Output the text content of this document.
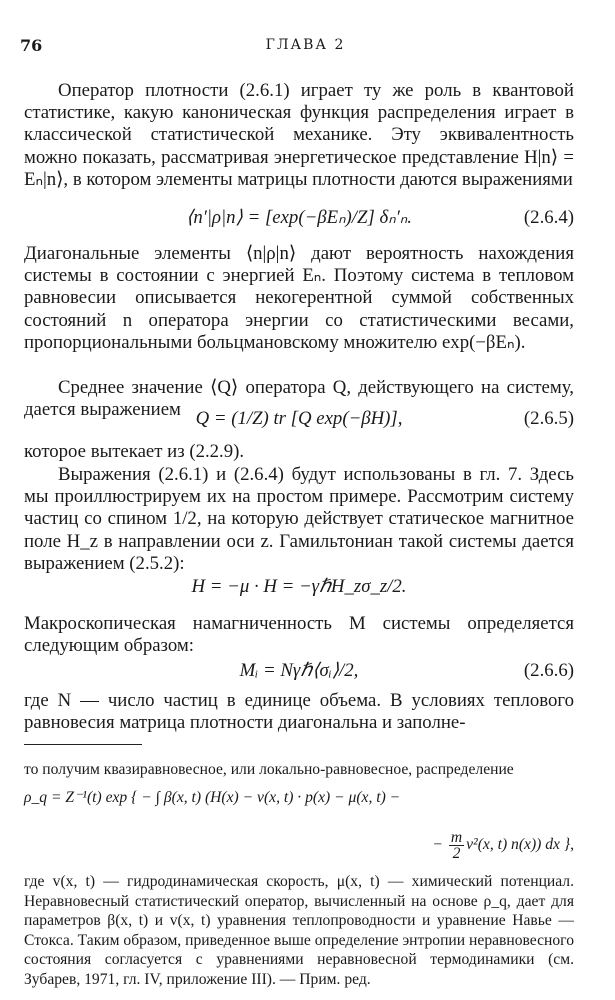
76	ГЛАВА 2

Оператор плотности (2.6.1) играет ту же роль в квантовой статистике, какую каноническая функция распределения играет в классической статистической механике. Эту эквивалентность можно показать, рассматривая энергетическое представление H|n⟩ = Eₙ|n⟩, в котором элементы матрицы плотности даются выражениями

⟨n′|ρ|n⟩ = [exp(−βEₙ)/Z] δₙ′ₙ.	(2.6.4)

Диагональные элементы ⟨n|ρ|n⟩ дают вероятность нахождения системы в состоянии с энергией Eₙ. Поэтому система в тепловом равновесии описывается некогерентной суммой собственных состояний n оператора энергии со статистическими весами, пропорциональными больцмановскому множителю exp(−βEₙ).

Среднее значение ⟨Q⟩ оператора Q, действующего на систему, дается выражением Q = (1/Z) tr [Q exp(−βH)],	(2.6.5)

которое вытекает из (2.2.9).

Выражения (2.6.1) и (2.6.4) будут использованы в гл. 7. Здесь мы проиллюстрируем их на простом примере. Рассмотрим систему частиц со спином 1/2, на которую действует статическое магнитное поле H_z в направлении оси z. Гамильтониан такой системы дается выражением (2.5.2):

H = −μ · H = −γℏH_zσ_z/2.

Макроскопическая намагниченность M системы определяется следующим образом:

Mᵢ = Nγℏ⟨σᵢ⟩/2,	(2.6.6)

где N — число частиц в единице объема. В условиях теплового равновесия матрица плотности диагональна и заполне-

то получим квазиравновесное, или локально-равновесное, распределение

ρ_q = Z⁻¹(t) exp { − ∫ β(x, t) (H(x) − v(x, t) · p(x) − μ(x, t) −
− $\frac{m}{2} v^2(x$, t) n(x)) dx },

где v(x, t) — гидродинамическая скорость, μ(x, t) — химический потенциал. Неравновесный статистический оператор, вычисленный на основе ρ_q, дает для параметров β(x, t) и v(x, t) уравнения теплопроводности и уравнение Навье — Стокса. Таким образом, приведенное выше определение энтропии неравновесного состояния согласуется с уравнениями неравновесной термодинамики (см. Зубарев, 1971, гл. IV, приложение III). — Прим. ред.
